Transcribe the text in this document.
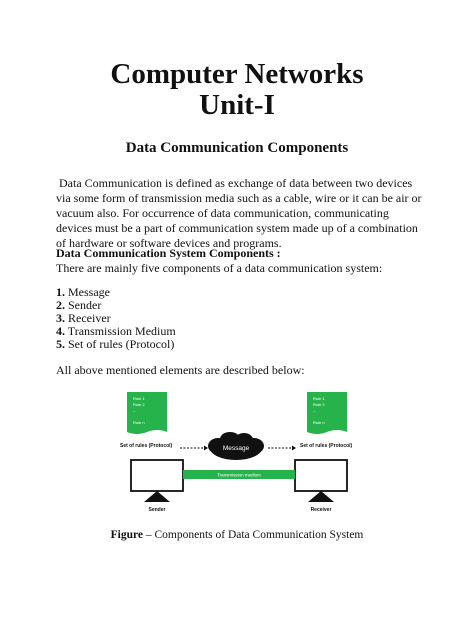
Computer Networks
Unit-I
Data Communication Components
Data Communication is defined as exchange of data between two devices via some form of transmission media such as a cable, wire or it can be air or vacuum also. For occurrence of data communication, communicating devices must be a part of communication system made up of a combination of hardware or software devices and programs.
Data Communication System Components :
There are mainly five components of a data communication system:
1. Message
2. Sender
3. Receiver
4. Transmission Medium
5. Set of rules (Protocol)
All above mentioned elements are described below:
Rule 1
Rule 2
--
Rule n
Set of rules (Protocol)
Rule 1
Rule 2
--
Rule n
Set of rules (Protocol)
Message
Transmission medium
Sender	Receiver
Figure – Components of Data Communication System
